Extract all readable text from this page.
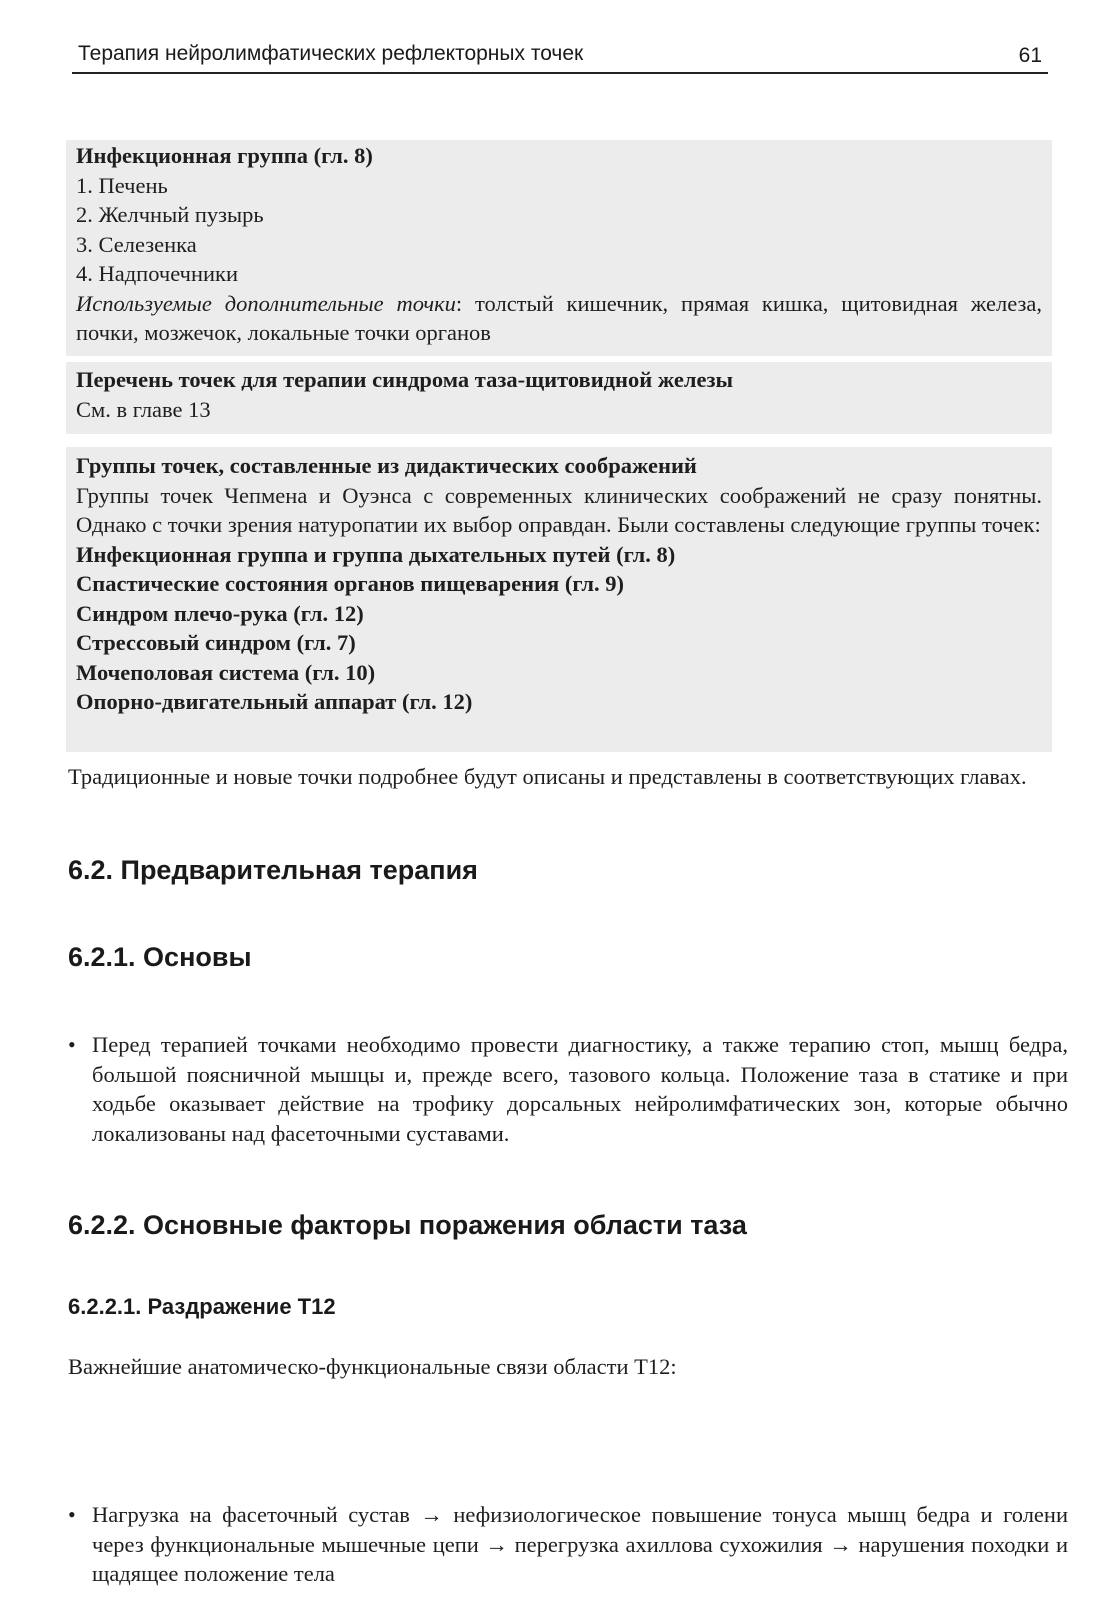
Терапия нейролимфатических рефлекторных точек	61
Инфекционная группа (гл. 8)
1. Печень
2. Желчный пузырь
3. Селезенка
4. Надпочечники
Используемые дополнительные точки: толстый кишечник, прямая кишка, щитовидная железа, почки, мозжечок, локальные точки органов
Перечень точек для терапии синдрома таза-щитовидной железы
См. в главе 13
Группы точек, составленные из дидактических соображений
Группы точек Чепмена и Оуэнса с современных клинических соображений не сразу понятны. Однако с точки зрения натуропатии их выбор оправдан. Были составлены следующие группы точек:
Инфекционная группа и группа дыхательных путей (гл. 8)
Спастические состояния органов пищеварения (гл. 9)
Синдром плечо-рука (гл. 12)
Стрессовый синдром (гл. 7)
Мочеполовая система (гл. 10)
Опорно-двигательный аппарат (гл. 12)
Традиционные и новые точки подробнее будут описаны и представлены в соответствующих главах.
6.2. Предварительная терапия
6.2.1. Основы
• Перед терапией точками необходимо провести диагностику, а также терапию стоп, мышц бедра, большой поясничной мышцы и, прежде всего, тазового кольца. Положение таза в статике и при ходьбе оказывает действие на трофику дорсальных нейролимфатических зон, которые обычно локализованы над фасеточными суставами.
6.2.2. Основные факторы поражения области таза
6.2.2.1. Раздражение T12
Важнейшие анатомическо-функциональные связи области T12:
• Нагрузка на фасеточный сустав → нефизиологическое повышение тонуса мышц бедра и голени через функциональные мышечные цепи → перегрузка ахиллова сухожилия → нарушения походки и щадящее положение тела
